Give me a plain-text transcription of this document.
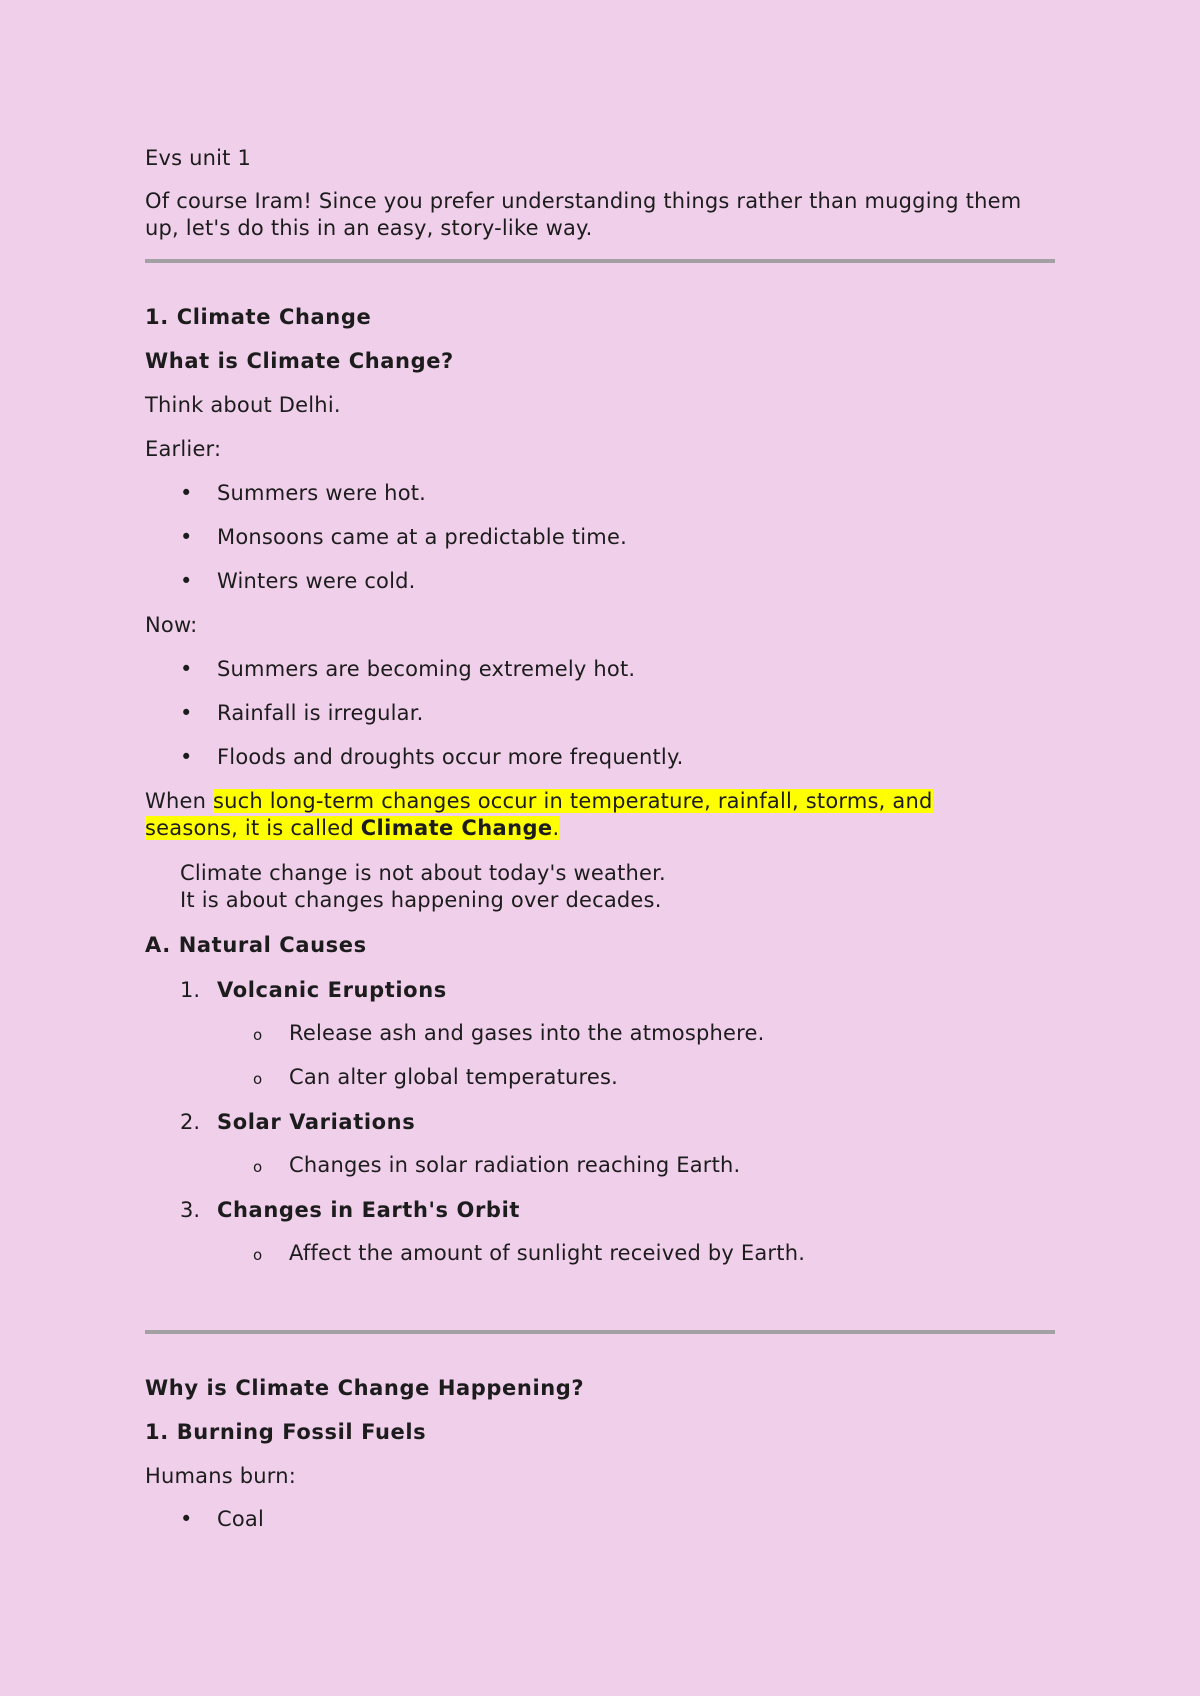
Evs unit 1
Of course Iram! Since you prefer understanding things rather than mugging them
up, let's do this in an easy, story-like way.
1. Climate Change
What is Climate Change?
Think about Delhi.
Earlier:
• Summers were hot.
• Monsoons came at a predictable time.
• Winters were cold.
Now:
• Summers are becoming extremely hot.
• Rainfall is irregular.
• Floods and droughts occur more frequently.
When such long-term changes occur in temperature, rainfall, storms, and
seasons, it is called Climate Change.
Climate change is not about today's weather.
It is about changes happening over decades.
A. Natural Causes
1. Volcanic Eruptions
o Release ash and gases into the atmosphere.
o Can alter global temperatures.
2. Solar Variations
o Changes in solar radiation reaching Earth.
3. Changes in Earth's Orbit
o Affect the amount of sunlight received by Earth.
Why is Climate Change Happening?
1. Burning Fossil Fuels
Humans burn:
• Coal
